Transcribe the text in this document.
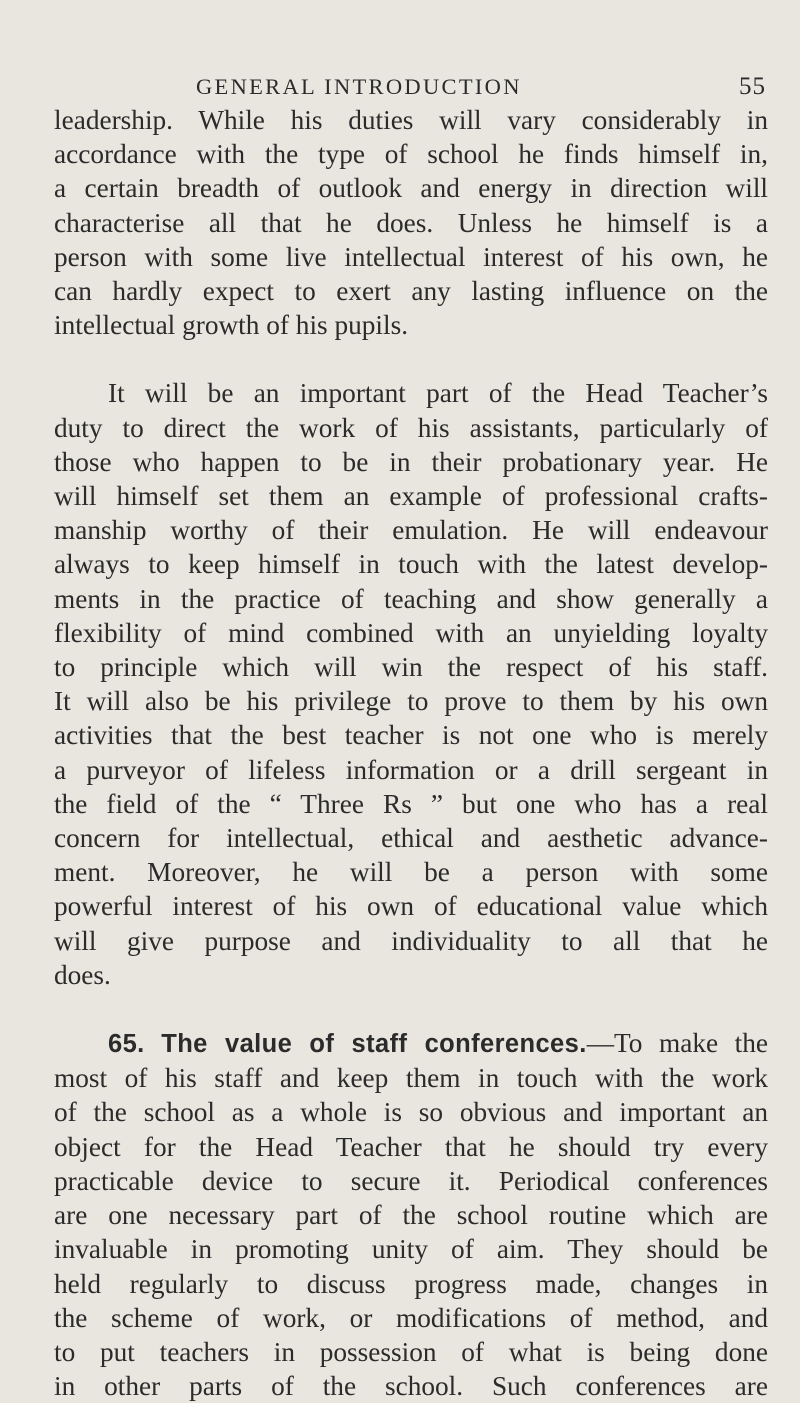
GENERAL INTRODUCTION	55

leadership. While his duties will vary considerably in
accordance with the type of school he finds himself in,
a certain breadth of outlook and energy in direction will
characterise all that he does. Unless he himself is a
person with some live intellectual interest of his own, he
can hardly expect to exert any lasting influence on the
intellectual growth of his pupils.

It will be an important part of the Head Teacher’s
duty to direct the work of his assistants, particularly of
those who happen to be in their probationary year. He
will himself set them an example of professional crafts-
manship worthy of their emulation. He will endeavour
always to keep himself in touch with the latest develop-
ments in the practice of teaching and show generally a
flexibility of mind combined with an unyielding loyalty
to principle which will win the respect of his staff.
It will also be his privilege to prove to them by his own
activities that the best teacher is not one who is merely
a purveyor of lifeless information or a drill sergeant in
the field of the “ Three Rs ” but one who has a real
concern for intellectual, ethical and aesthetic advance-
ment. Moreover, he will be a person with some
powerful interest of his own of educational value which
will give purpose and individuality to all that he
does.

65. The value of staff conferences.—To make the
most of his staff and keep them in touch with the work
of the school as a whole is so obvious and important an
object for the Head Teacher that he should try every
practicable device to secure it. Periodical conferences
are one necessary part of the school routine which are
invaluable in promoting unity of aim. They should be
held regularly to discuss progress made, changes in
the scheme of work, or modifications of method, and
to put teachers in possession of what is being done
in other parts of the school. Such conferences are
